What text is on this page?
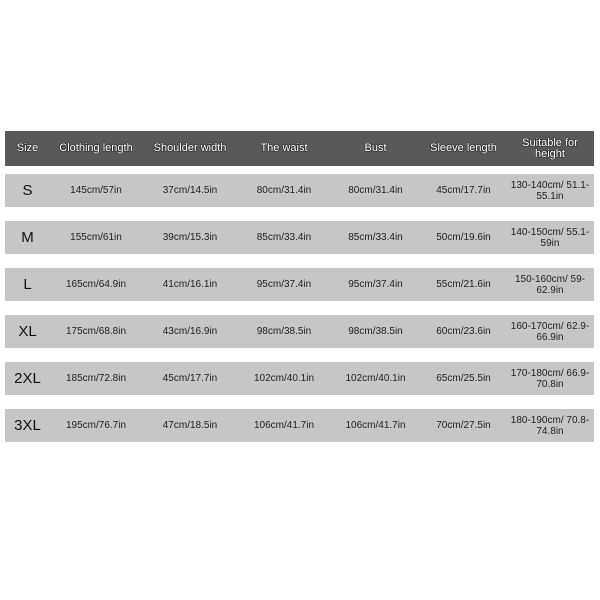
Size	Clothing length	Shoulder width	The waist	Bust	Sleeve length	Suitable for height
S	145cm/57in	37cm/14.5in	80cm/31.4in	80cm/31.4in	45cm/17.7in	130-140cm/ 51.1-55.1in
M	155cm/61in	39cm/15.3in	85cm/33.4in	85cm/33.4in	50cm/19.6in	140-150cm/ 55.1-59in
L	165cm/64.9in	41cm/16.1in	95cm/37.4in	95cm/37.4in	55cm/21.6in	150-160cm/ 59-62.9in
XL	175cm/68.8in	43cm/16.9in	98cm/38.5in	98cm/38.5in	60cm/23.6in	160-170cm/ 62.9-66.9in
2XL	185cm/72.8in	45cm/17.7in	102cm/40.1in	102cm/40.1in	65cm/25.5in	170-180cm/ 66.9-70.8in
3XL	195cm/76.7in	47cm/18.5in	106cm/41.7in	106cm/41.7in	70cm/27.5in	180-190cm/ 70.8-74.8in
